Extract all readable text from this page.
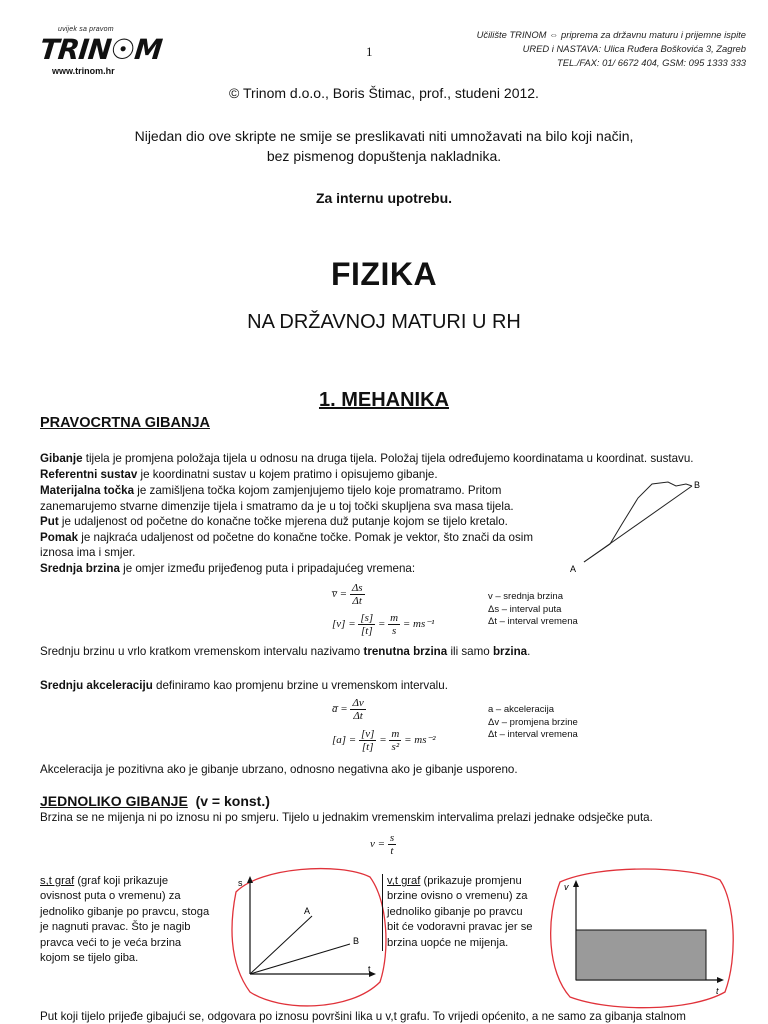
uvijek sa pravom
TRIN☉M
www.trinom.hr
1
Učilište TRINOM ⇔ priprema za državnu maturu i prijemne ispite
URED i NASTAVA: Ulica Ruđera Boškovića 3, Zagreb
TEL./FAX: 01/ 6672 404, GSM: 095 1333 333
© Trinom d.o.o., Boris Štimac, prof., studeni 2012.
Nijedan dio ove skripte ne smije se preslikavati niti umnožavati na bilo koji način,
bez pismenog dopuštenja nakladnika.
Za internu upotrebu.
FIZIKA
NA DRŽAVNOJ MATURI U RH
1. MEHANIKA
PRAVOCRTNA GIBANJA
Gibanje tijela je promjena položaja tijela u odnosu na druga tijela. Položaj tijela određujemo koordinatama u koordinat. sustavu.
Referentni sustav je koordinatni sustav u kojem pratimo i opisujemo gibanje.
Materijalna točka je zamišljena točka kojom zamjenjujemo tijelo koje promatramo. Pritom zanemarujemo stvarne dimenzije tijela i smatramo da je u toj točki skupljena sva masa tijela.
Put je udaljenost od početne do konačne točke mjerena duž putanje kojom se tijelo kretalo.
Pomak je najkraća udaljenost od početne do konačne točke. Pomak je vektor, što znači da osim iznosa ima i smjer.
Srednja brzina je omjer između prijeđenog puta i pripadajućeg vremena:	A
B
v̅ = $\frac{\Delta s}{\Delta t}$
$[v] = \frac{[s]}{[t]} = \frac{m}{s} = ms^{-1}$
v – srednja brzina
Δs – interval puta
Δt – interval vremena
Srednju brzinu u vrlo kratkom vremenskom intervalu nazivamo trenutna brzina ili samo brzina.
Srednju akceleraciju definiramo kao promjenu brzine u vremenskom intervalu.
a̅ = $\frac{\Delta v}{\Delta t}$
$[a] = \frac{[v]}{[t]} = \frac{m}{\text{s²}} = ms^{-2}$
a – akceleracija
Δv – promjena brzine
Δt – interval vremena
Akceleracija je pozitivna ako je gibanje ubrzano, odnosno negativna ako je gibanje usporeno.
JEDNOLIKO GIBANJE (v = konst.)
Brzina se ne mijenja ni po iznosu ni po smjeru. Tijelo u jednakim vremenskim intervalima prelazi jednake odsječke puta.
$v = \frac{s}{t}$
s,t graf (graf koji prikazuje
ovisnost puta o vremenu) za
jednoliko gibanje po pravcu, stoga
je nagnuti pravac. Što je nagib
pravca veći to je veća brzina
kojom se tijelo giba.
s
t
A
B
v,t graf (prikazuje promjenu
brzine ovisno o vremenu) za
jednoliko gibanje po pravcu
bit će vodoravni pravac jer se
brzina uopće ne mijenja.
v
t
Put koji tijelo prijeđe gibajući se, odgovara po iznosu površini lika u v,t grafu. To vrijedi općenito, a ne samo za gibanja stalnom
